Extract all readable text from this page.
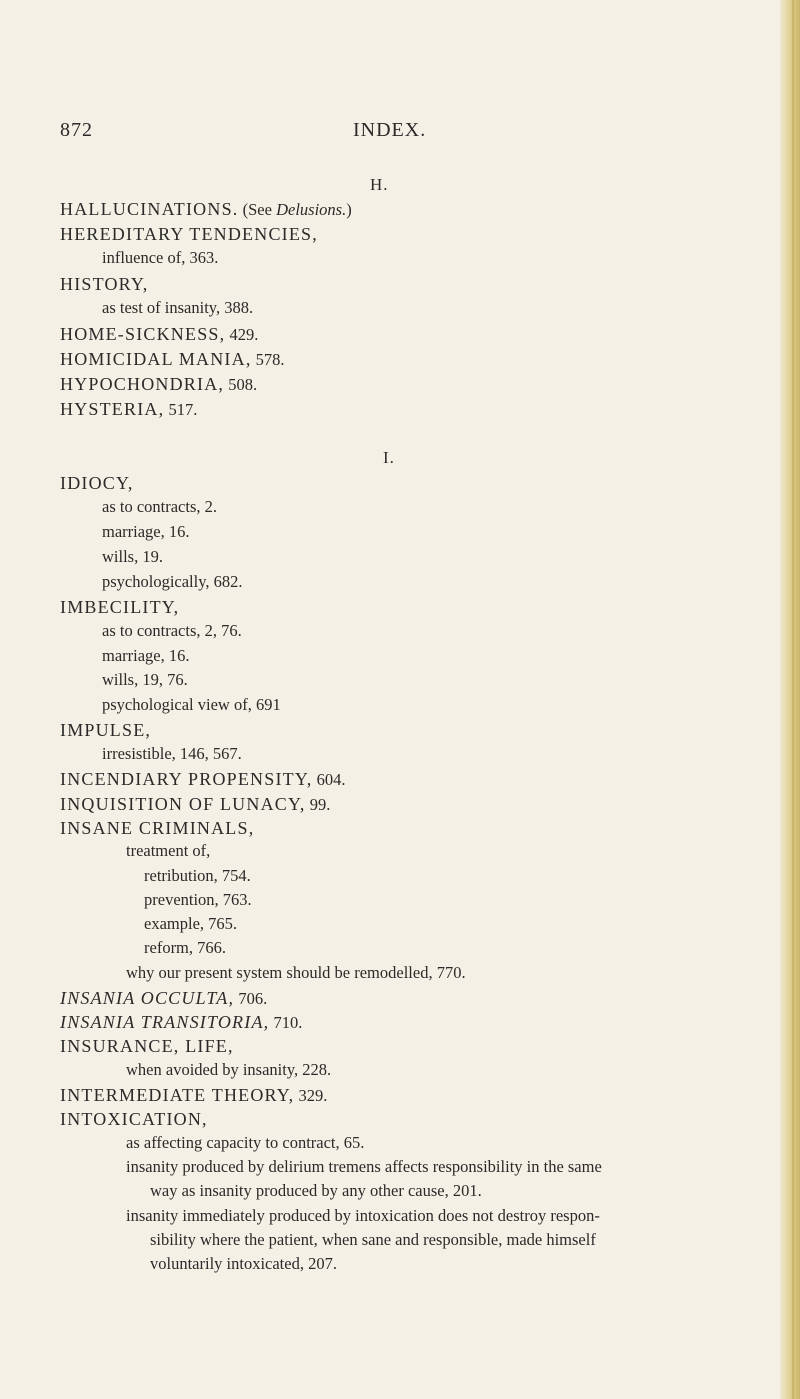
872	INDEX.
H.
HALLUCINATIONS. (See Delusions.)
HEREDITARY TENDENCIES,
influence of, 363.
HISTORY,
as test of insanity, 388.
HOME-SICKNESS, 429.
HOMICIDAL MANIA, 578.
HYPOCHONDRIA, 508.
HYSTERIA, 517.
I.
IDIOCY,
as to contracts, 2.
marriage, 16.
wills, 19.
psychologically, 682.
IMBECILITY,
as to contracts, 2, 76.
marriage, 16.
wills, 19, 76.
psychological view of, 691
IMPULSE,
irresistible, 146, 567.
INCENDIARY PROPENSITY, 604.
INQUISITION OF LUNACY, 99.
INSANE CRIMINALS,
treatment of,
retribution, 754.
prevention, 763.
example, 765.
reform, 766.
why our present system should be remodelled, 770.
INSANIA OCCULTA, 706.
INSANIA TRANSITORIA, 710.
INSURANCE, LIFE,
when avoided by insanity, 228.
INTERMEDIATE THEORY, 329.
INTOXICATION,
as affecting capacity to contract, 65.
insanity produced by delirium tremens affects responsibility in the same
way as insanity produced by any other cause, 201.
insanity immediately produced by intoxication does not destroy respon-
sibility where the patient, when sane and responsible, made himself
voluntarily intoxicated, 207.
